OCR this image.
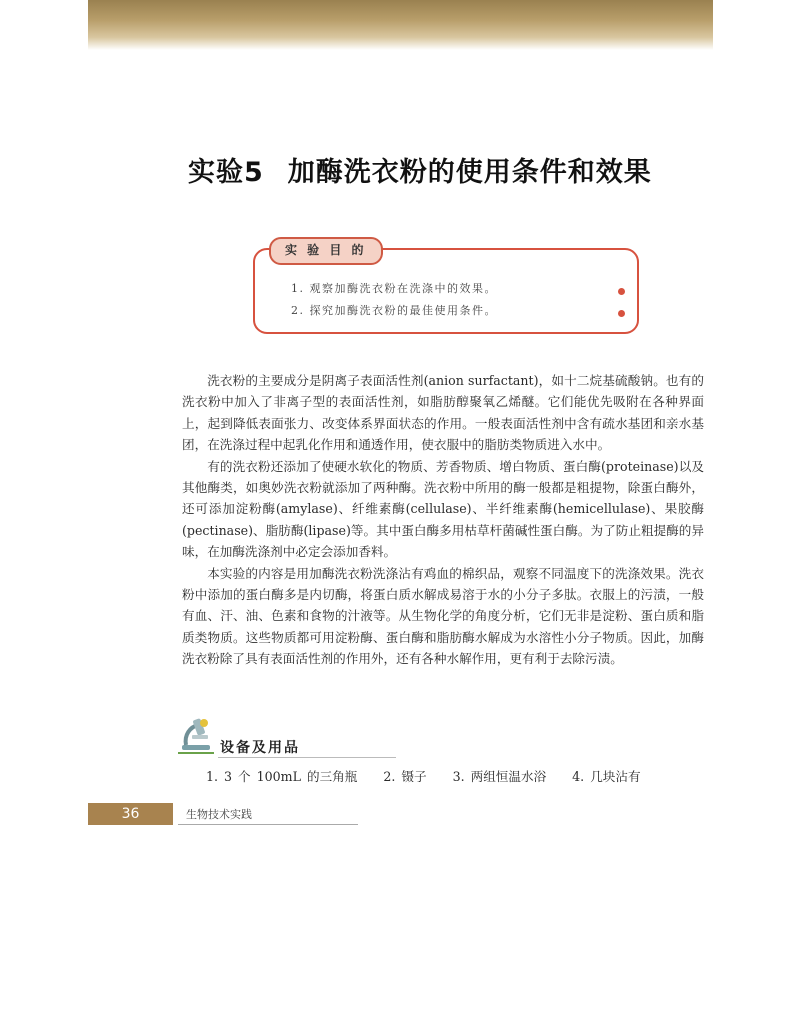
实验5 加酶洗衣粉的使用条件和效果
实 验 目 的
1. 观察加酶洗衣粉在洗涤中的效果。
2. 探究加酶洗衣粉的最佳使用条件。

洗衣粉的主要成分是阴离子表面活性剂(anion surfactant)，如十二烷基硫酸钠。也有的洗衣粉中加入了非离子型的表面活性剂，如脂肪醇聚氧乙烯醚。它们能优先吸附在各种界面上，起到降低表面张力、改变体系界面状态的作用。一般表面活性剂中含有疏水基团和亲水基团，在洗涤过程中起乳化作用和通透作用，使衣服中的脂肪类物质进入水中。

有的洗衣粉还添加了使硬水软化的物质、芳香物质、增白物质、蛋白酶(proteinase)以及其他酶类，如奥妙洗衣粉就添加了两种酶。洗衣粉中所用的酶一般都是粗提物，除蛋白酶外，还可添加淀粉酶(amylase)、纤维素酶(cellulase)、半纤维素酶(hemicellulase)、果胶酶(pectinase)、脂肪酶(lipase)等。其中蛋白酶多用枯草杆菌碱性蛋白酶。为了防止粗提酶的异味，在加酶洗涤剂中必定会添加香料。

本实验的内容是用加酶洗衣粉洗涤沾有鸡血的棉织品，观察不同温度下的洗涤效果。洗衣粉中添加的蛋白酶多是内切酶，将蛋白质水解成易溶于水的小分子多肽。衣服上的污渍，一般有血、汗、油、色素和食物的汁液等。从生物化学的角度分析，它们无非是淀粉、蛋白质和脂质类物质。这些物质都可用淀粉酶、蛋白酶和脂肪酶水解成为水溶性小分子物质。因此，加酶洗衣粉除了具有表面活性剂的作用外，还有各种水解作用，更有利于去除污渍。

设备及用品
1. 3 个 100mL 的三角瓶 2. 镊子 3. 两组恒温水浴 4. 几块沾有
36	生物技术实践
